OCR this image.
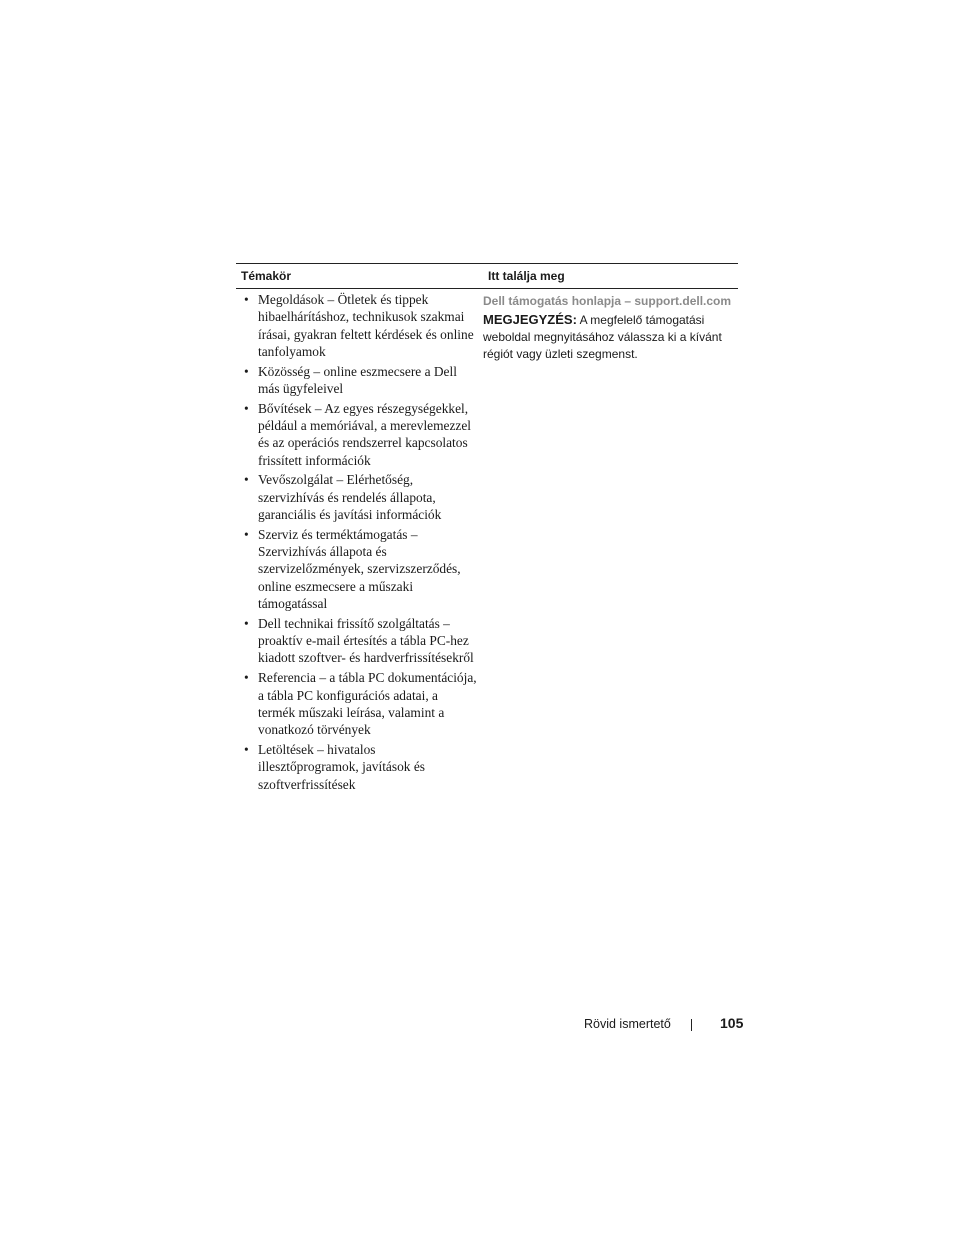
Témakör	Itt találja meg
• Megoldások – Ötletek és tippek hibaelhárításhoz, technikusok szakmai írásai, gyakran feltett kérdések és online tanfolyamok
• Közösség – online eszmecsere a Dell más ügyfeleivel
• Bővítések – Az egyes részegységekkel, például a memóriával, a merevlemezzel és az operációs rendszerrel kapcsolatos frissített információk
• Vevőszolgálat – Elérhetőség, szervizhívás és rendelés állapota, garanciális és javítási információk
• Szerviz és terméktámogatás – Szervizhívás állapota és szervizelőzmények, szervizszerződés, online eszmecsere a műszaki támogatással
• Dell technikai frissítő szolgáltatás – proaktív e-mail értesítés a tábla PC-hez kiadott szoftver- és hardverfrissítésekről
• Referencia – a tábla PC dokumentációja, a tábla PC konfigurációs adatai, a termék műszaki leírása, valamint a vonatkozó törvények
• Letöltések – hivatalos illesztőprogramok, javítások és szoftverfrissítések
Dell támogatás honlapja – support.dell.com
MEGJEGYZÉS: A megfelelő támogatási weboldal megnyitásához válassza ki a kívánt régiót vagy üzleti szegmenst.
Rövid ismertető	105
